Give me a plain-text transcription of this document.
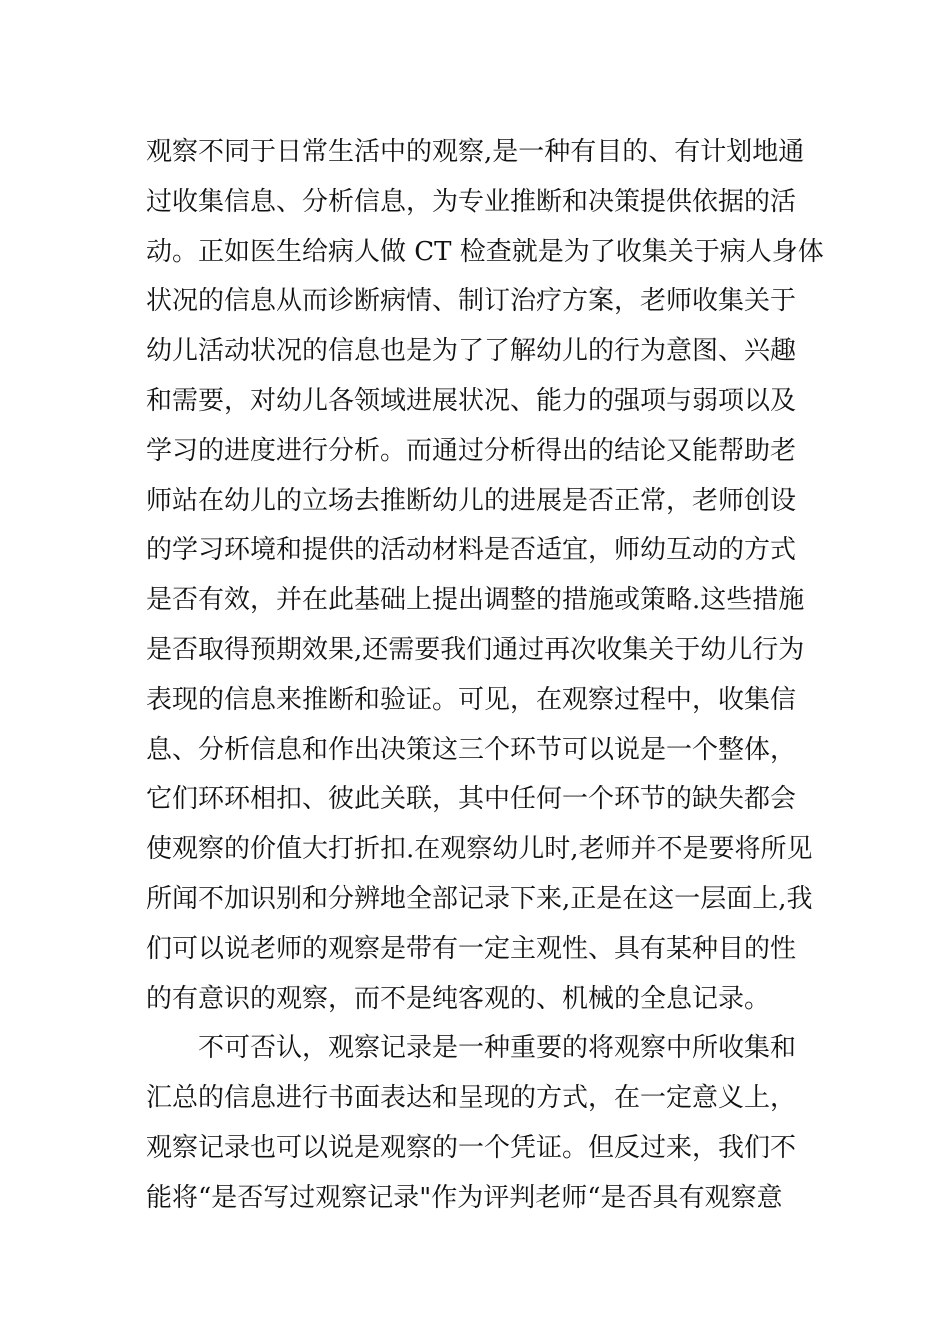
观察不同于日常生活中的观察,是一种有目的、有计划地通
过收集信息、分析信息，为专业推断和决策提供依据的活
动。正如医生给病人做 CT 检查就是为了收集关于病人身体
状况的信息从而诊断病情、制订治疗方案，老师收集关于
幼儿活动状况的信息也是为了了解幼儿的行为意图、兴趣
和需要，对幼儿各领域进展状况、能力的强项与弱项以及
学习的进度进行分析。而通过分析得出的结论又能帮助老
师站在幼儿的立场去推断幼儿的进展是否正常，老师创设
的学习环境和提供的活动材料是否适宜，师幼互动的方式
是否有效，并在此基础上提出调整的措施或策略.这些措施
是否取得预期效果,还需要我们通过再次收集关于幼儿行为
表现的信息来推断和验证。可见，在观察过程中，收集信
息、分析信息和作出决策这三个环节可以说是一个整体，
它们环环相扣、彼此关联，其中任何一个环节的缺失都会
使观察的价值大打折扣.在观察幼儿时,老师并不是要将所见
所闻不加识别和分辨地全部记录下来,正是在这一层面上,我
们可以说老师的观察是带有一定主观性、具有某种目的性
的有意识的观察，而不是纯客观的、机械的全息记录。
不可否认，观察记录是一种重要的将观察中所收集和
汇总的信息进行书面表达和呈现的方式，在一定意义上，
观察记录也可以说是观察的一个凭证。但反过来，我们不
能将“是否写过观察记录"作为评判老师“是否具有观察意
